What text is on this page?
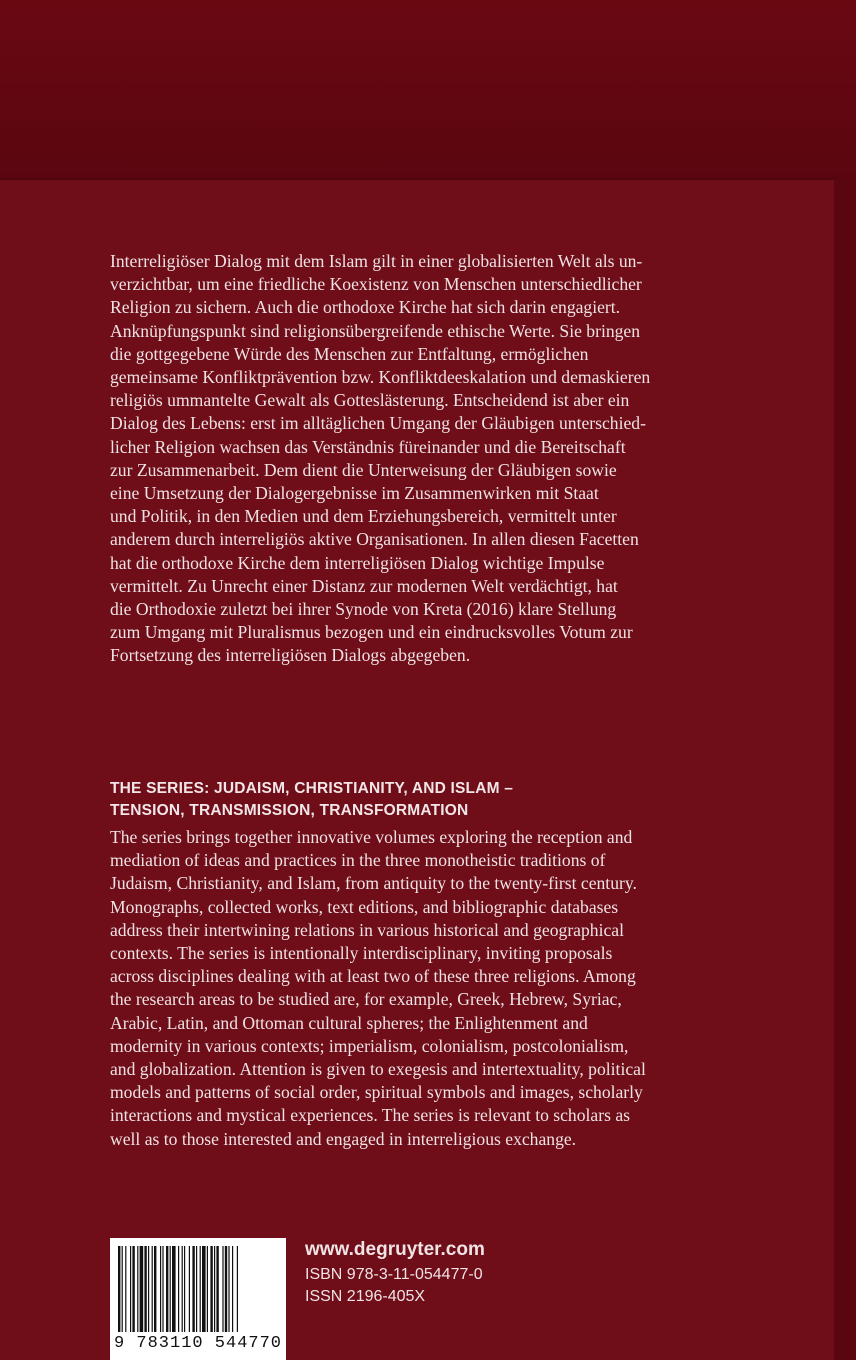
Interreligiöser Dialog mit dem Islam gilt in einer globalisierten Welt als un-

verzichtbar, um eine friedliche Koexistenz von Menschen unterschiedlicher

Religion zu sichern. Auch die orthodoxe Kirche hat sich darin engagiert.

Anknüpfungspunkt sind religionsübergreifende ethische Werte. Sie bringen

die gottgegebene Würde des Menschen zur Entfaltung, ermöglichen

gemeinsame Konfliktprävention bzw. Konfliktdeeskalation und demaskieren

religiös ummantelte Gewalt als Gotteslästerung. Entscheidend ist aber ein

Dialog des Lebens: erst im alltäglichen Umgang der Gläubigen unterschied-

licher Religion wachsen das Verständnis füreinander und die Bereitschaft

zur Zusammenarbeit. Dem dient die Unterweisung der Gläubigen sowie

eine Umsetzung der Dialogergebnisse im Zusammenwirken mit Staat

und Politik, in den Medien und dem Erziehungsbereich, vermittelt unter

anderem durch interreligiös aktive Organisationen. In allen diesen Facetten

hat die orthodoxe Kirche dem interreligiösen Dialog wichtige Impulse

vermittelt. Zu Unrecht einer Distanz zur modernen Welt verdächtigt, hat

die Orthodoxie zuletzt bei ihrer Synode von Kreta (2016) klare Stellung

zum Umgang mit Pluralismus bezogen und ein eindrucksvolles Votum zur

Fortsetzung des interreligiösen Dialogs abgegeben.

THE SERIES: JUDAISM, CHRISTIANITY, AND ISLAM –
TENSION, TRANSMISSION, TRANSFORMATION

The series brings together innovative volumes exploring the reception and

mediation of ideas and practices in the three monotheistic traditions of

Judaism, Christianity, and Islam, from antiquity to the twenty-first century.

Monographs, collected works, text editions, and bibliographic databases

address their intertwining relations in various historical and geographical

contexts. The series is intentionally interdisciplinary, inviting proposals

across disciplines dealing with at least two of these three religions. Among

the research areas to be studied are, for example, Greek, Hebrew, Syriac,

Arabic, Latin, and Ottoman cultural spheres; the Enlightenment and

modernity in various contexts; imperialism, colonialism, postcolonialism,

and globalization. Attention is given to exegesis and intertextuality, political

models and patterns of social order, spiritual symbols and images, scholarly

interactions and mystical experiences. The series is relevant to scholars as

well as to those interested and engaged in interreligious exchange.

9 783110 544770
www.degruyter.com
ISBN 978-3-11-054477-0
ISSN 2196-405X
